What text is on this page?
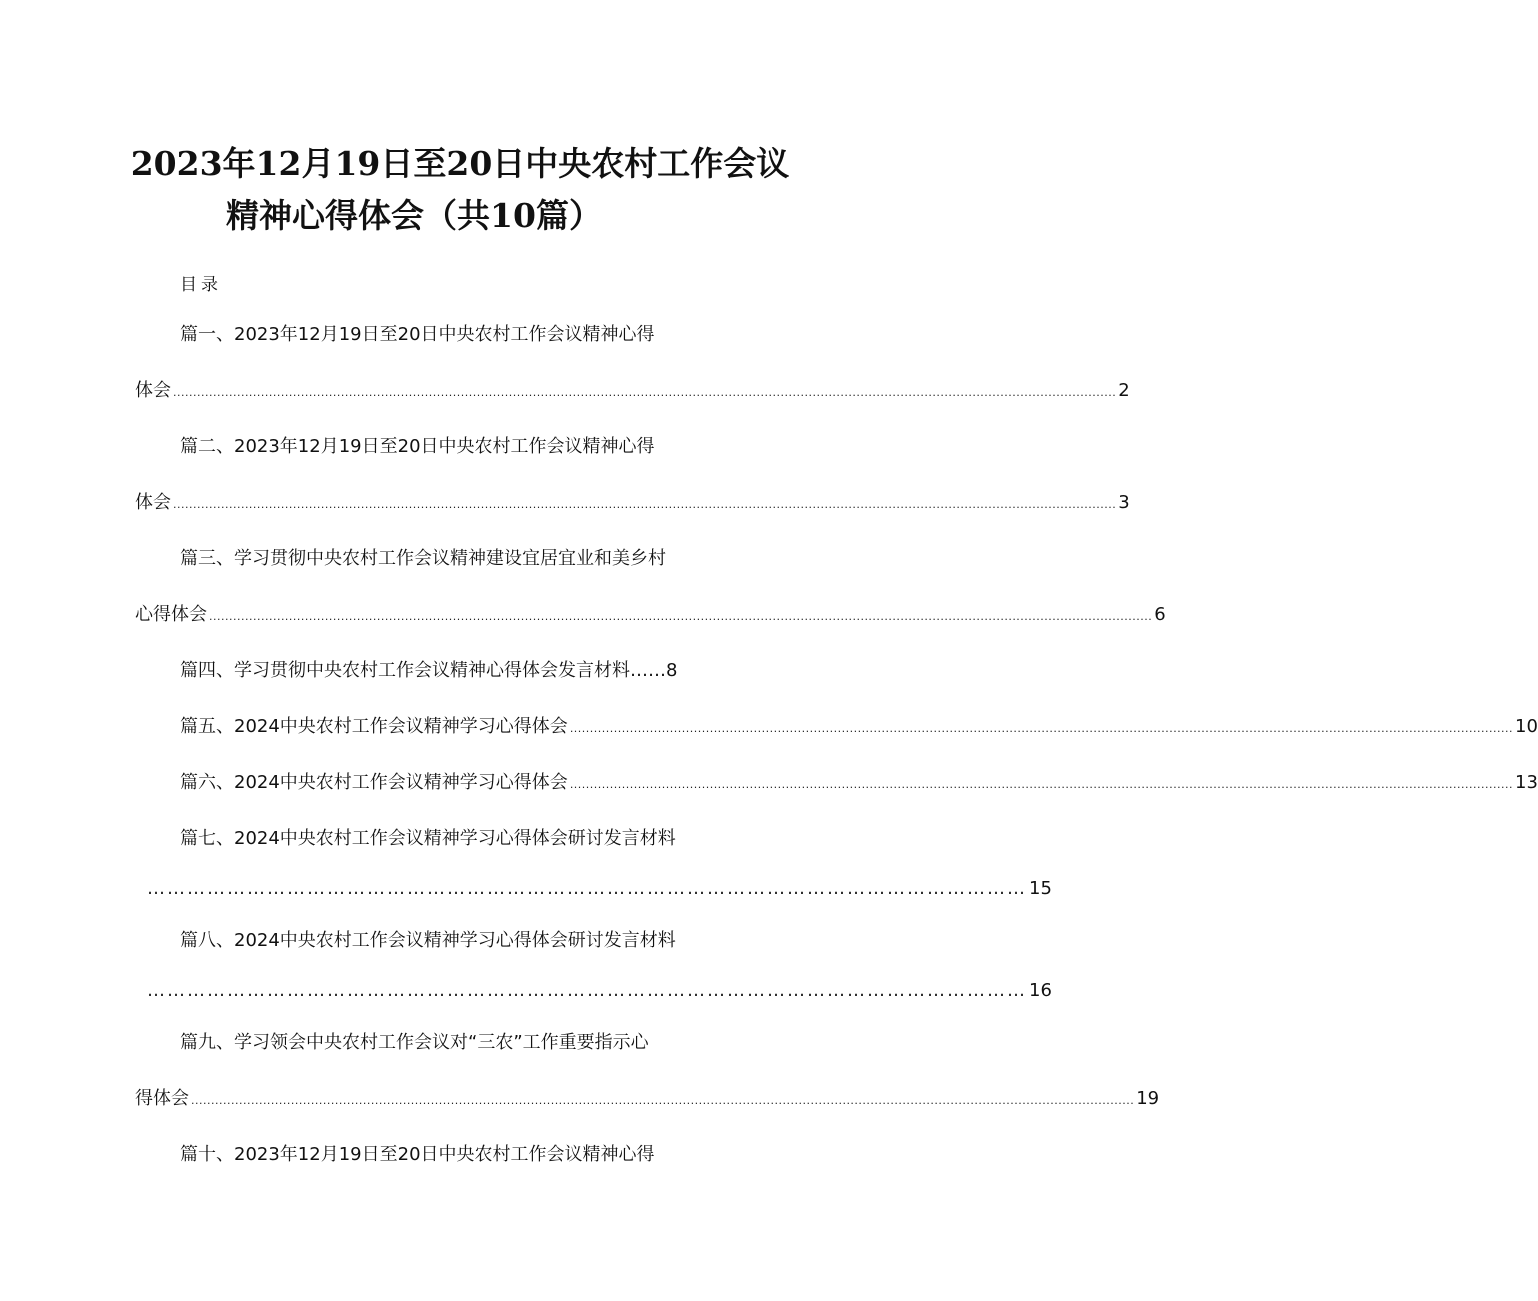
2023年12月19日至20日中央农村工作会议
精神心得体会（共10篇）
目录
篇一、2023年12月19日至20日中央农村工作会议精神心得
体会 ............................................................................................................................................................................................................................................ 2
篇二、2023年12月19日至20日中央农村工作会议精神心得
体会 ............................................................................................................................................................................................................................................ 3
篇三、学习贯彻中央农村工作会议精神建设宜居宜业和美乡村
心得体会 ............................................................................................................................................................................................................................................ 6
篇四、学习贯彻中央农村工作会议精神心得体会发言材料……8
篇五、2024中央农村工作会议精神学习心得体会 ............................................................................................................................................................................................................................................ 10
篇六、2024中央农村工作会议精神学习心得体会 ............................................................................................................................................................................................................................................ 13
篇七、2024中央农村工作会议精神学习心得体会研讨发言材料
…………………………………………………………………………………………………………………… 15
篇八、2024中央农村工作会议精神学习心得体会研讨发言材料
…………………………………………………………………………………………………………………… 16
篇九、学习领会中央农村工作会议对“三农”工作重要指示心
得体会 ............................................................................................................................................................................................................................................ 19
篇十、2023年12月19日至20日中央农村工作会议精神心得
